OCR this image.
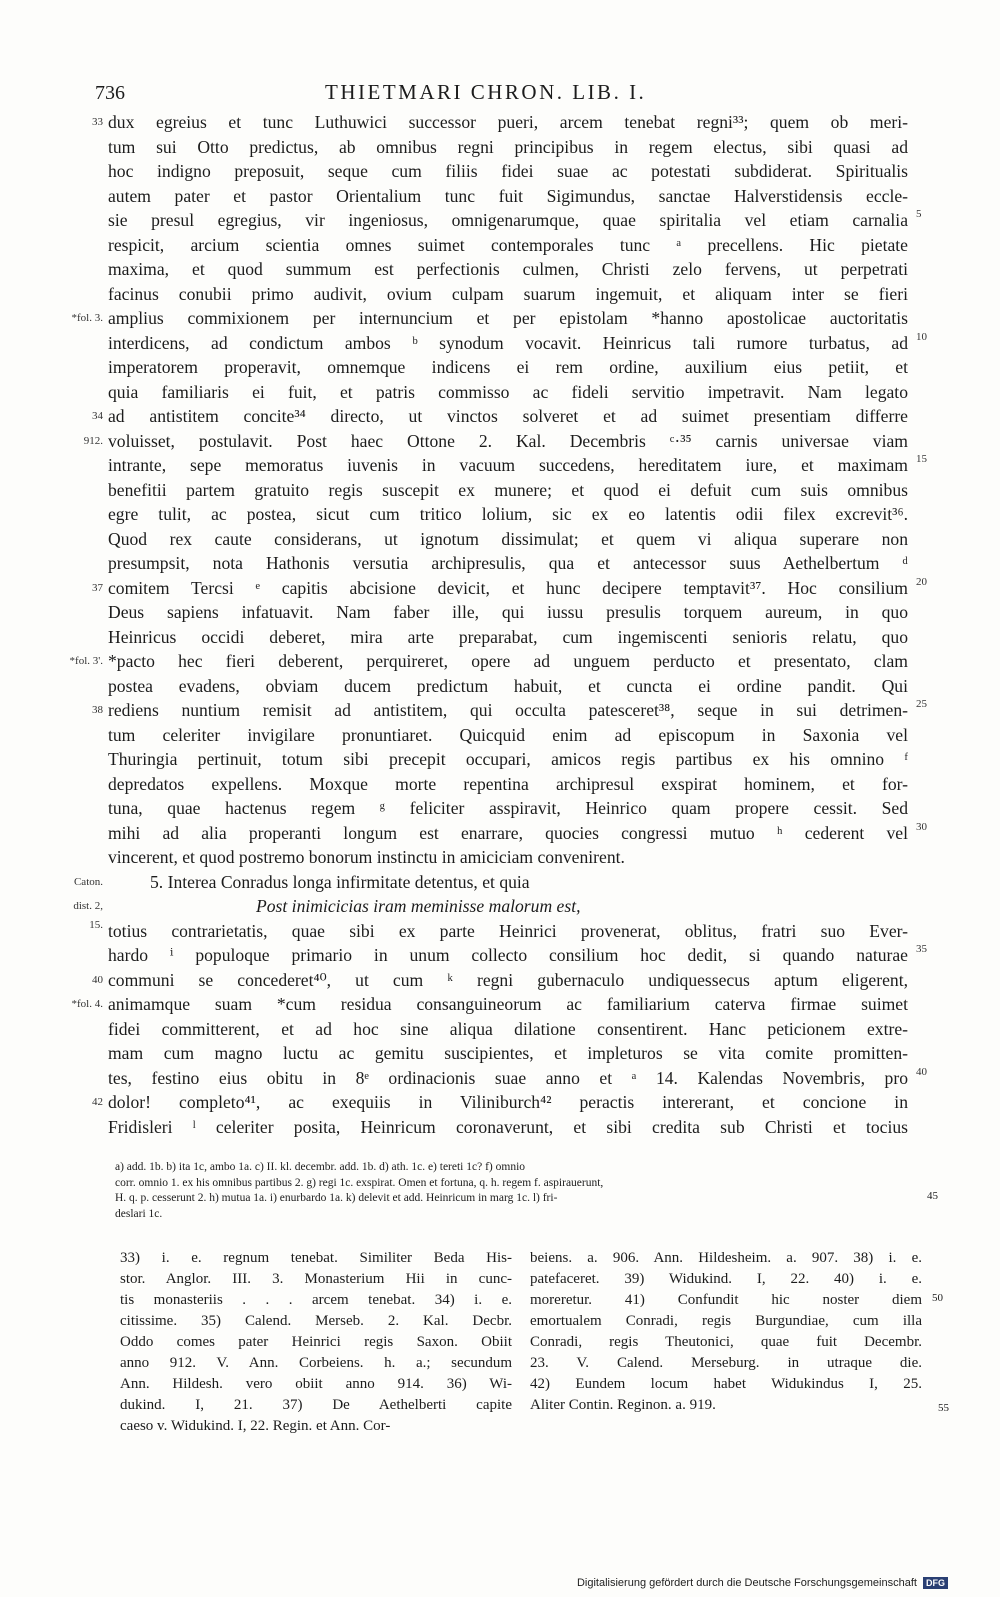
736	THIETMARI CHRON. LIB. I.
33 dux egreius et tunc Luthuwici successor pueri, arcem tenebat regni³³; quem ob meri-
tum sui Otto predictus, ab omnibus regni principibus in regem electus, sibi quasi ad
hoc indigno preposuit, seque cum filiis fidei suae ac potestati subdiderat. Spiritualis
autem pater et pastor Orientalium tunc fuit Sigimundus, sanctae Halverstidensis eccle-
sie presul egregius, vir ingeniosus, omnigenarumque, quae spiritalia vel etiam carnalia 5
respicit, arcium scientia omnes suimet contemporales tunc ᵃ precellens. Hic pietate
maxima, et quod summum est perfectionis culmen, Christi zelo fervens, ut perpetrati
facinus conubii primo audivit, ovium culpam suarum ingemuit, et aliquam inter se fieri
*fol. 3. amplius commixionem per internuncium et per epistolam *hanno apostolicae auctoritatis
interdicens, ad condictum ambos ᵇ synodum vocavit. Heinricus tali rumore turbatus, ad 10
imperatorem properavit, omnemque indicens ei rem ordine, auxilium eius petiit, et
quia familiaris ei fuit, et patris commisso ac fideli servitio impetravit. Nam legato
34 ad antistitem concite³⁴ directo, ut vinctos solveret et ad suimet presentiam differre
912. voluisset, postulavit. Post haec Ottone 2. Kal. Decembris ᶜ·³⁵ carnis universae viam
intrante, sepe memoratus iuvenis in vacuum succedens, hereditatem iure, et maximam 15
benefitii partem gratuito regis suscepit ex munere; et quod ei defuit cum suis omnibus
egre tulit, ac postea, sicut cum tritico lolium, sic ex eo latentis odii filex excrevit³⁶.
Quod rex caute considerans, ut ignotum dissimulat; et quem vi aliqua superare non
presumpsit, nota Hathonis versutia archipresulis, qua et antecessor suus Aethelbertum ᵈ
37 comitem Tercsi ᵉ capitis abcisione devicit, et hunc decipere temptavit³⁷. Hoc consilium 20
Deus sapiens infatuavit. Nam faber ille, qui iussu presulis torquem aureum, in quo
Heinricus occidi deberet, mira arte preparabat, cum ingemiscenti senioris relatu, quo
*fol. 3'. *pacto hec fieri deberent, perquireret, opere ad unguem perducto et presentato, clam
postea evadens, obviam ducem predictum habuit, et cuncta ei ordine pandit. Qui
38 rediens nuntium remisit ad antistitem, qui occulta patesceret³⁸, seque in sui detrimen- 25
tum celeriter invigilare pronuntiaret. Quicquid enim ad episcopum in Saxonia vel
Thuringia pertinuit, totum sibi precepit occupari, amicos regis partibus ex his omnino ᶠ
depredatos expellens. Moxque morte repentina archipresul exspirat hominem, et for-
tuna, quae hactenus regem ᵍ feliciter asspiravit, Heinrico quam propere cessit. Sed
mihi ad alia properanti longum est enarrare, quocies congressi mutuo ʰ cederent vel 30
vincerent, et quod postremo bonorum instinctu in amiciciam convenirent.
Caton.	5. Interea Conradus longa infirmitate detentus, et quia
dist. 2,	Post inimicicias iram meminisse malorum est,
15. totius contrarietatis, quae sibi ex parte Heinrici provenerat, oblitus, fratri suo Ever-
hardo ⁱ populoque primario in unum collecto consilium hoc dedit, si quando naturae 35
40 communi se concederet⁴⁰, ut cum ᵏ regni gubernaculo undiquessecus aptum eligerent,
*fol. 4. animamque suam *cum residua consanguineorum ac familiarium caterva firmae suimet
fidei committerent, et ad hoc sine aliqua dilatione consentirent. Hanc peticionem extre-
mam cum magno luctu ac gemitu suscipientes, et impleturos se vita comite promitten-
tes, festino eius obitu in 8ᵉ ordinacionis suae anno et ᵃ 14. Kalendas Novembris, pro 40
42 dolor! completo⁴¹, ac exequiis in Viliniburch⁴² peractis intererant, et concione in
Fridisleri ˡ celeriter posita, Heinricum coronaverunt, et sibi credita sub Christi et tocius
a) add. 1b. b) ita 1c, ambo 1a. c) II. kl. decembr. add. 1b. d) ath. 1c. e) tereti 1c? f) omnio
corr. omnio 1. ex his omnibus partibus 2. g) regi 1c. exspirat. Omen et fortuna, q. h. regem f. aspirauerunt,
H. q. p. cesserunt 2. h) mutua 1a. i) enurbardo 1a. k) delevit et add. Heinricum in marg 1c. l) fri-	45
deslari 1c.
33) i. e. regnum tenebat. Similiter Beda His-
stor. Anglor. III. 3. Monasterium Hii in cunc-
tis monasteriis . . . arcem tenebat. 34) i. e.
citissime. 35) Calend. Merseb. 2. Kal. Decbr.
Oddo comes pater Heinrici regis Saxon. Obiit
anno 912. V. Ann. Corbeiens. h. a.; secundum
Ann. Hildesh. vero obiit anno 914. 36) Wi-
dukind. I, 21. 37) De Aethelberti capite
caeso v. Widukind. I, 22. Regin. et Ann. Cor-
beiens. a. 906. Ann. Hildesheim. a. 907. 38) i. e.
patefaceret. 39) Widukind. I, 22. 40) i. e.
moreretur. 41) Confundit hic noster diem
emortualem Conradi, regis Burgundiae, cum illa
Conradi, regis Theutonici, quae fuit Decembr.
23. V. Calend. Merseburg. in utraque die.
42) Eundem locum habet Widukindus I, 25.
Aliter Contin. Reginon. a. 919.
50
55
Digitalisierung gefördert durch die Deutsche Forschungsgemeinschaft DFG
